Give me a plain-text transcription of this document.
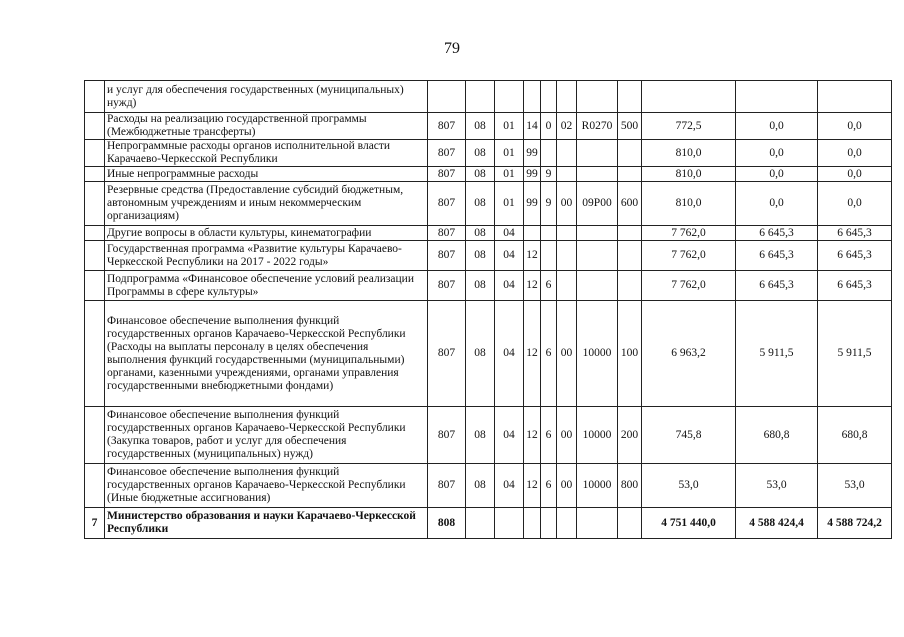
79
	и услуг для обеспечения государственных (муниципальных) нужд)											
	Расходы на реализацию государственной программы (Межбюджетные трансферты)	807	08	01	14	0	02	R0270	500	772,5	0,0	0,0
	Непрограммные расходы органов исполнительной власти Карачаево-Черкесской Республики	807	08	01	99					810,0	0,0	0,0
	Иные непрограммные расходы	807	08	01	99	9				810,0	0,0	0,0
	Резервные средства (Предоставление субсидий бюджетным, автономным учреждениям и иным некоммерческим организациям)	807	08	01	99	9	00	09Р00	600	810,0	0,0	0,0
	Другие вопросы в области культуры, кинематографии	807	08	04						7 762,0	6 645,3	6 645,3
	Государственная программа «Развитие культуры Карачаево-Черкесской Республики на 2017 - 2022 годы»	807	08	04	12					7 762,0	6 645,3	6 645,3
	Подпрограмма «Финансовое обеспечение условий реализации Программы в сфере культуры»	807	08	04	12	6				7 762,0	6 645,3	6 645,3
	Финансовое обеспечение выполнения функций государственных органов Карачаево-Черкесской Республики (Расходы на выплаты персоналу в целях обеспечения выполнения функций государственными (муниципальными) органами, казенными учреждениями, органами управления государственными внебюджетными фондами)	807	08	04	12	6	00	10000	100	6 963,2	5 911,5	5 911,5
	Финансовое обеспечение выполнения функций государственных органов Карачаево-Черкесской Республики (Закупка товаров, работ и услуг для обеспечения государственных (муниципальных) нужд)	807	08	04	12	6	00	10000	200	745,8	680,8	680,8
	Финансовое обеспечение выполнения функций государственных органов Карачаево-Черкесской Республики (Иные бюджетные ассигнования)	807	08	04	12	6	00	10000	800	53,0	53,0	53,0
7	Министерство образования и науки Карачаево-Черкесской Республики	808								4 751 440,0	4 588 424,4	4 588 724,2
